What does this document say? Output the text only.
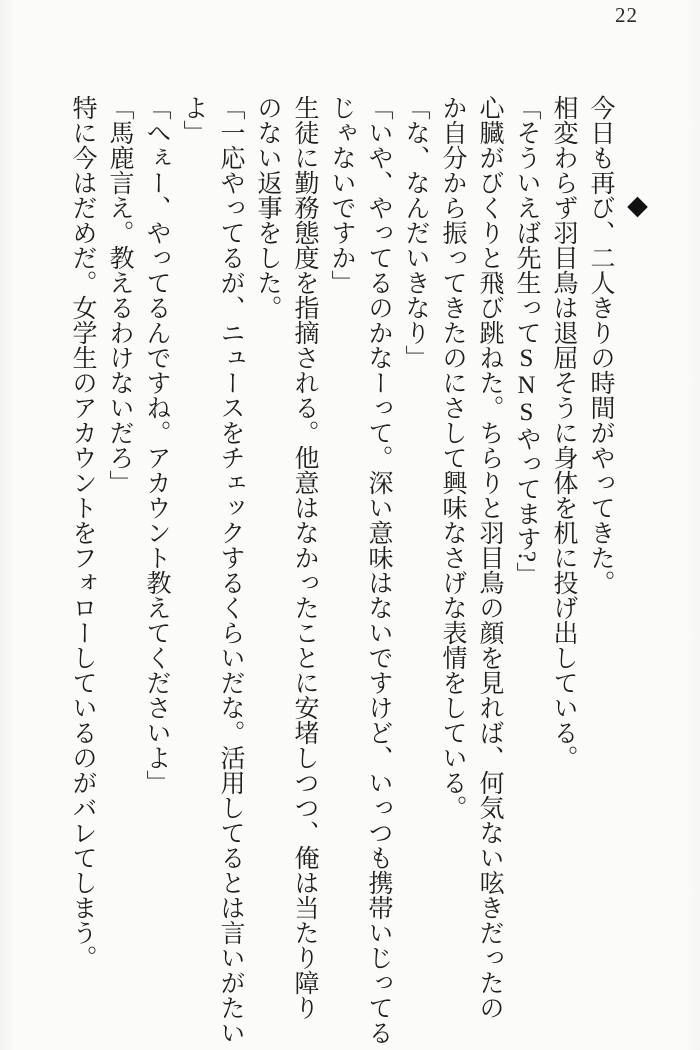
22
◆
今日も再び、二人きりの時間がやってきた。
相変わらず羽目鳥は退屈そうに身体を机に投げ出している。
「そういえば先生ってSNSやってます?」
心臓がびくりと飛び跳ねた。ちらりと羽目鳥の顔を見れば、何気ない呟きだったの
か自分から振ってきたのにさして興味なさげな表情をしている。
「な、なんだいきなり」
「いや、やってるのかなーって。深い意味はないですけど、いっつも携帯いじってる
じゃないですか」
生徒に勤務態度を指摘される。他意はなかったことに安堵しつつ、俺は当たり障り
のない返事をした。
「一応やってるが、ニュースをチェックするくらいだな。活用してるとは言いがたい
よ」
「へぇー、やってるんですね。アカウント教えてくださいよ」
「馬鹿言え。教えるわけないだろ」
特に今はだめだ。女学生のアカウントをフォローしているのがバレてしまう。
